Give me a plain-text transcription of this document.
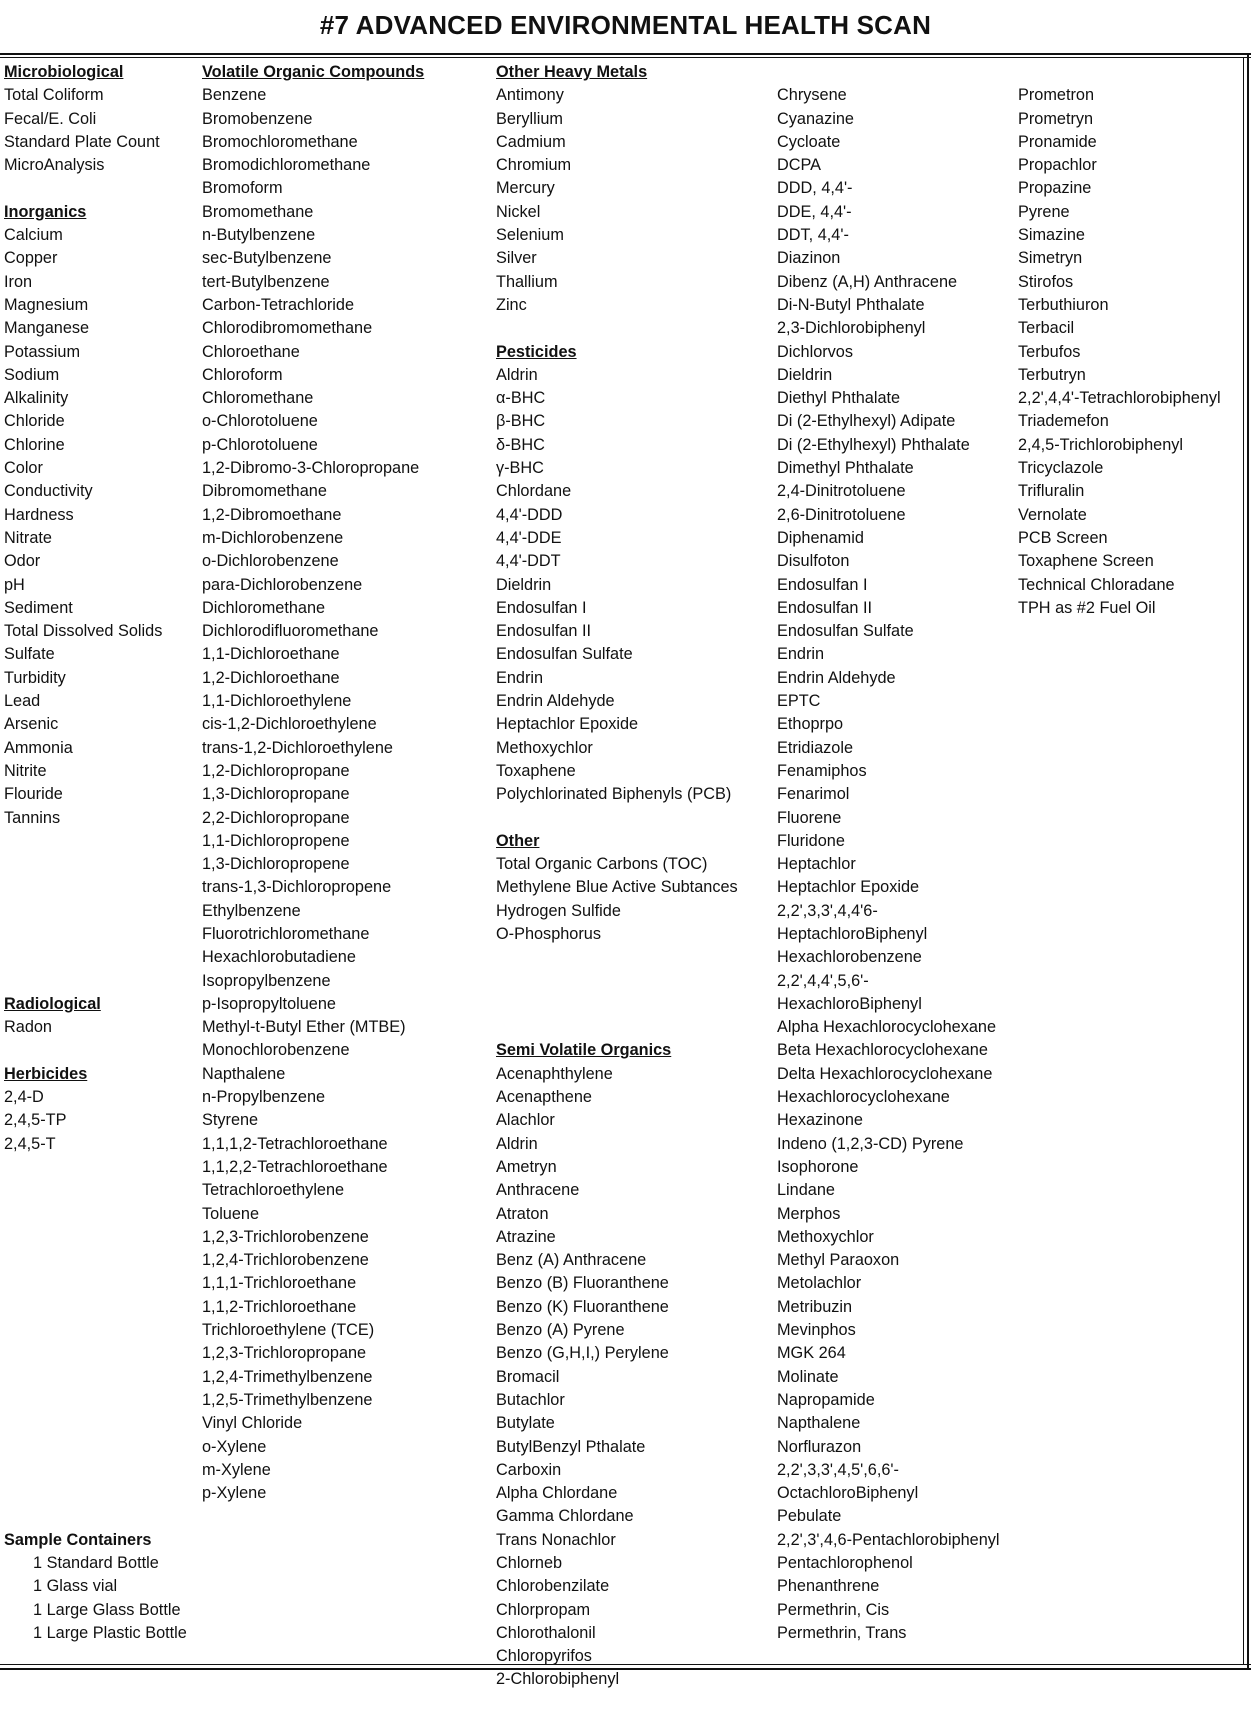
#7 ADVANCED ENVIRONMENTAL HEALTH SCAN
Microbiological
Total Coliform
Fecal/E. Coli
Standard Plate Count
MicroAnalysis
Inorganics
Calcium
Copper
Iron
Magnesium
Manganese
Potassium
Sodium
Alkalinity
Chloride
Chlorine
Color
Conductivity
Hardness
Nitrate
Odor
pH
Sediment
Total Dissolved Solids
Sulfate
Turbidity
Lead
Arsenic
Ammonia
Nitrite
Flouride
Tannins
Radiological
Radon
Herbicides
2,4-D
2,4,5-TP
2,4,5-T
Sample Containers
1 Standard Bottle
1 Glass vial
1 Large Glass Bottle
1 Large Plastic Bottle
Volatile Organic Compounds
Benzene
Bromobenzene
Bromochloromethane
Bromodichloromethane
Bromoform
Bromomethane
n-Butylbenzene
sec-Butylbenzene
tert-Butylbenzene
Carbon-Tetrachloride
Chlorodibromomethane
Chloroethane
Chloroform
Chloromethane
o-Chlorotoluene
p-Chlorotoluene
1,2-Dibromo-3-Chloropropane
Dibromomethane
1,2-Dibromoethane
m-Dichlorobenzene
o-Dichlorobenzene
para-Dichlorobenzene
Dichloromethane
Dichlorodifluoromethane
1,1-Dichloroethane
1,2-Dichloroethane
1,1-Dichloroethylene
cis-1,2-Dichloroethylene
trans-1,2-Dichloroethylene
1,2-Dichloropropane
1,3-Dichloropropane
2,2-Dichloropropane
1,1-Dichloropropene
1,3-Dichloropropene
trans-1,3-Dichloropropene
Ethylbenzene
Fluorotrichloromethane
Hexachlorobutadiene
Isopropylbenzene
p-Isopropyltoluene
Methyl-t-Butyl Ether (MTBE)
Monochlorobenzene
Napthalene
n-Propylbenzene
Styrene
1,1,1,2-Tetrachloroethane
1,1,2,2-Tetrachloroethane
Tetrachloroethylene
Toluene
1,2,3-Trichlorobenzene
1,2,4-Trichlorobenzene
1,1,1-Trichloroethane
1,1,2-Trichloroethane
Trichloroethylene (TCE)
1,2,3-Trichloropropane
1,2,4-Trimethylbenzene
1,2,5-Trimethylbenzene
Vinyl Chloride
o-Xylene
m-Xylene
p-Xylene
Other Heavy Metals
Antimony
Beryllium
Cadmium
Chromium
Mercury
Nickel
Selenium
Silver
Thallium
Zinc
Pesticides
Aldrin
α-BHC
β-BHC
δ-BHC
γ-BHC
Chlordane
4,4'-DDD
4,4'-DDE
4,4'-DDT
Dieldrin
Endosulfan I
Endosulfan II
Endosulfan Sulfate
Endrin
Endrin Aldehyde
Heptachlor Epoxide
Methoxychlor
Toxaphene
Polychlorinated Biphenyls (PCB)
Other
Total Organic Carbons (TOC)
Methylene Blue Active Subtances
Hydrogen Sulfide
O-Phosphorus
Semi Volatile Organics
Acenaphthylene
Acenapthene
Alachlor
Aldrin
Ametryn
Anthracene
Atraton
Atrazine
Benz (A) Anthracene
Benzo (B) Fluoranthene
Benzo (K) Fluoranthene
Benzo (A) Pyrene
Benzo (G,H,I,) Perylene
Bromacil
Butachlor
Butylate
ButylBenzyl Pthalate
Carboxin
Alpha Chlordane
Gamma Chlordane
Trans Nonachlor
Chlorneb
Chlorobenzilate
Chlorpropam
Chlorothalonil
Chloropyrifos
2-Chlorobiphenyl
Chrysene
Cyanazine
Cycloate
DCPA
DDD, 4,4'-
DDE, 4,4'-
DDT, 4,4'-
Diazinon
Dibenz (A,H) Anthracene
Di-N-Butyl Phthalate
2,3-Dichlorobiphenyl
Dichlorvos
Dieldrin
Diethyl Phthalate
Di (2-Ethylhexyl) Adipate
Di (2-Ethylhexyl) Phthalate
Dimethyl Phthalate
2,4-Dinitrotoluene
2,6-Dinitrotoluene
Diphenamid
Disulfoton
Endosulfan I
Endosulfan II
Endosulfan Sulfate
Endrin
Endrin Aldehyde
EPTC
Ethoprpo
Etridiazole
Fenamiphos
Fenarimol
Fluorene
Fluridone
Heptachlor
Heptachlor Epoxide
2,2',3,3',4,4'6-
HeptachloroBiphenyl
Hexachlorobenzene
2,2',4,4',5,6'-
HexachloroBiphenyl
Alpha Hexachlorocyclohexane
Beta Hexachlorocyclohexane
Delta Hexachlorocyclohexane
Hexachlorocyclohexane
Hexazinone
Indeno (1,2,3-CD) Pyrene
Isophorone
Lindane
Merphos
Methoxychlor
Methyl Paraoxon
Metolachlor
Metribuzin
Mevinphos
MGK 264
Molinate
Napropamide
Napthalene
Norflurazon
2,2',3,3',4,5',6,6'-
OctachloroBiphenyl
Pebulate
2,2',3',4,6-Pentachlorobiphenyl
Pentachlorophenol
Phenanthrene
Permethrin, Cis
Permethrin, Trans
Prometron
Prometryn
Pronamide
Propachlor
Propazine
Pyrene
Simazine
Simetryn
Stirofos
Terbuthiuron
Terbacil
Terbufos
Terbutryn
2,2',4,4'-Tetrachlorobiphenyl
Triademefon
2,4,5-Trichlorobiphenyl
Tricyclazole
Trifluralin
Vernolate
PCB Screen
Toxaphene Screen
Technical Chloradane
TPH as #2 Fuel Oil
